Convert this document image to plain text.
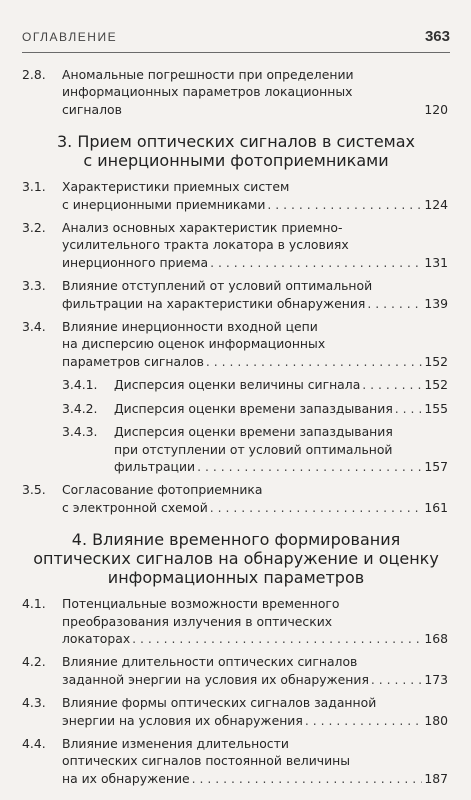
ОГЛАВЛЕНИЕ	363
2.8. Аномальные погрешности при определении
информационных параметров локационных
сигналов	120
3. Прием оптических сигналов в системах
с инерционными фотоприемниками
3.1. Характеристики приемных систем
с инерционными приемниками . . .	124
3.2. Анализ основных характеристик приемно-
усилительного тракта локатора в условиях
инерционного приема . . .	131
3.3. Влияние отступлений от условий оптимальной
фильтрации на характеристики обнаружения . . .	139
3.4. Влияние инерционности входной цепи
на дисперсию оценок информационных
параметров сигналов . . .	152
3.4.1. Дисперсия оценки величины сигнала . . .	152
3.4.2. Дисперсия оценки времени запаздывания . . .	155
3.4.3. Дисперсия оценки времени запаздывания
при отступлении от условий оптимальной
фильтрации . . .	157
3.5. Согласование фотоприемника
с электронной схемой . . .	161
4. Влияние временного формирования
оптических сигналов на обнаружение и оценку
информационных параметров
4.1. Потенциальные возможности временного
преобразования излучения в оптических
локаторах . . .	168
4.2. Влияние длительности оптических сигналов
заданной энергии на условия их обнаружения . . .	173
4.3. Влияние формы оптических сигналов заданной
энергии на условия их обнаружения . . .	180
4.4. Влияние изменения длительности
оптических сигналов постоянной величины
на их обнаружение . . .	187
